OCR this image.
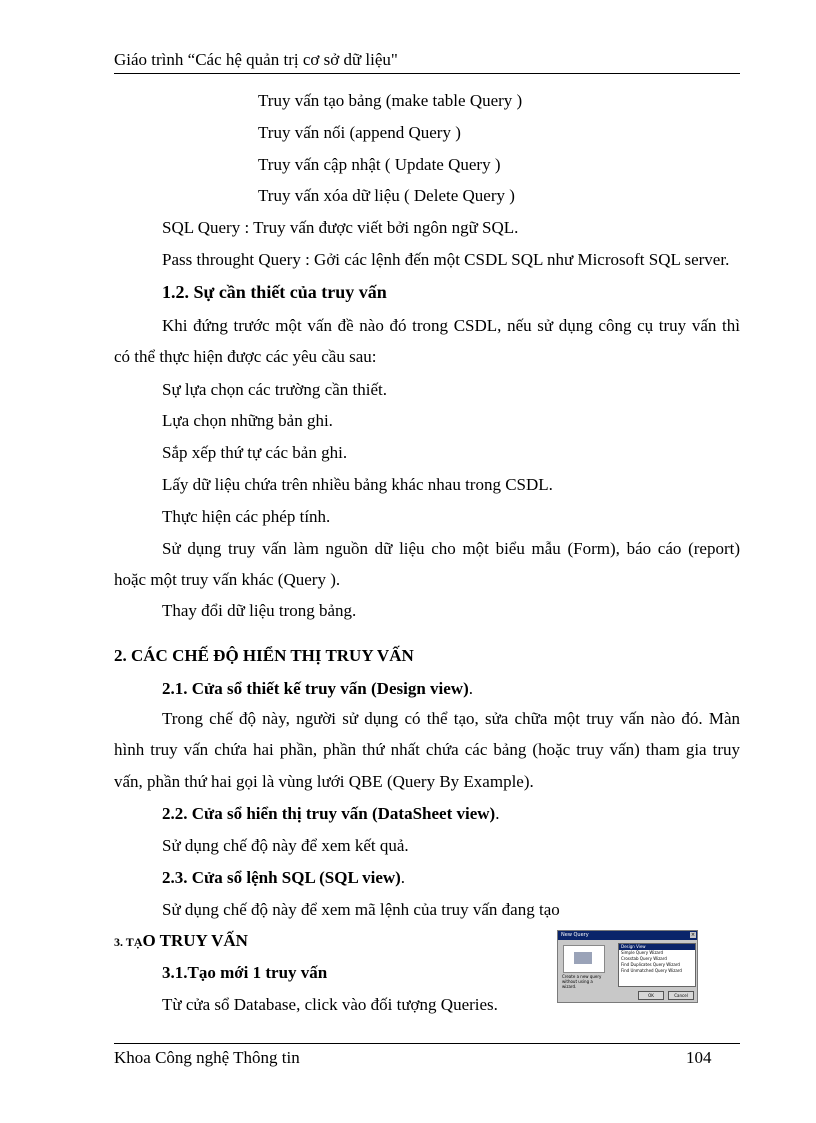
Giáo trình “Các hệ quản trị cơ sở dữ liệu"
Truy vấn tạo bảng (make table Query )
Truy vấn nối (append Query )
Truy vấn cập nhật ( Update Query )
Truy vấn xóa dữ liệu ( Delete Query )
SQL Query : Truy vấn được viết bởi ngôn ngữ SQL.
Pass throught Query : Gởi các lệnh đến một CSDL SQL như Microsoft SQL server.
1.2. Sự cần thiết của truy vấn
Khi đứng trước một vấn đề nào đó trong CSDL, nếu sử dụng công cụ truy vấn thì
có thể thực hiện được các yêu cầu sau:
Sự lựa chọn các trường cần thiết.
Lựa chọn những bản ghi.
Sắp xếp thứ tự các bản ghi.
Lấy dữ liệu chứa trên nhiều bảng khác nhau trong CSDL.
Thực hiện các phép tính.
Sử dụng truy vấn làm nguồn dữ liệu cho một biểu mẫu (Form), báo cáo (report)
hoặc một truy vấn khác (Query ).
Thay đổi dữ liệu trong bảng.
2. CÁC CHẾ ĐỘ HIỂN THỊ TRUY VẤN
2.1. Cửa sổ thiết kế truy vấn (Design view).
Trong chế độ này, người sử dụng có thể tạo, sửa chữa một truy vấn nào đó. Màn
hình truy vấn chứa hai phần, phần thứ nhất chứa các bảng (hoặc truy vấn) tham gia truy
vấn, phần thứ hai gọi là vùng lưới QBE (Query By Example).
2.2. Cửa sổ hiển thị truy vấn (DataSheet view).
Sử dụng chế độ này để xem kết quả.
2.3. Cửa sổ lệnh SQL (SQL view).
Sử dụng chế độ này để xem mã lệnh của truy vấn đang tạo
3. TẠO TRUY VẤN
3.1.Tạo mới 1 truy vấn
Từ cửa sổ Database, click vào đối tượng Queries.
New Query	×
Create a new query without using a wizard.
Design View
Simple Query Wizard
Crosstab Query Wizard
Find Duplicates Query Wizard
Find Unmatched Query Wizard
OK	Cancel
Khoa Công nghệ Thông tin	104
